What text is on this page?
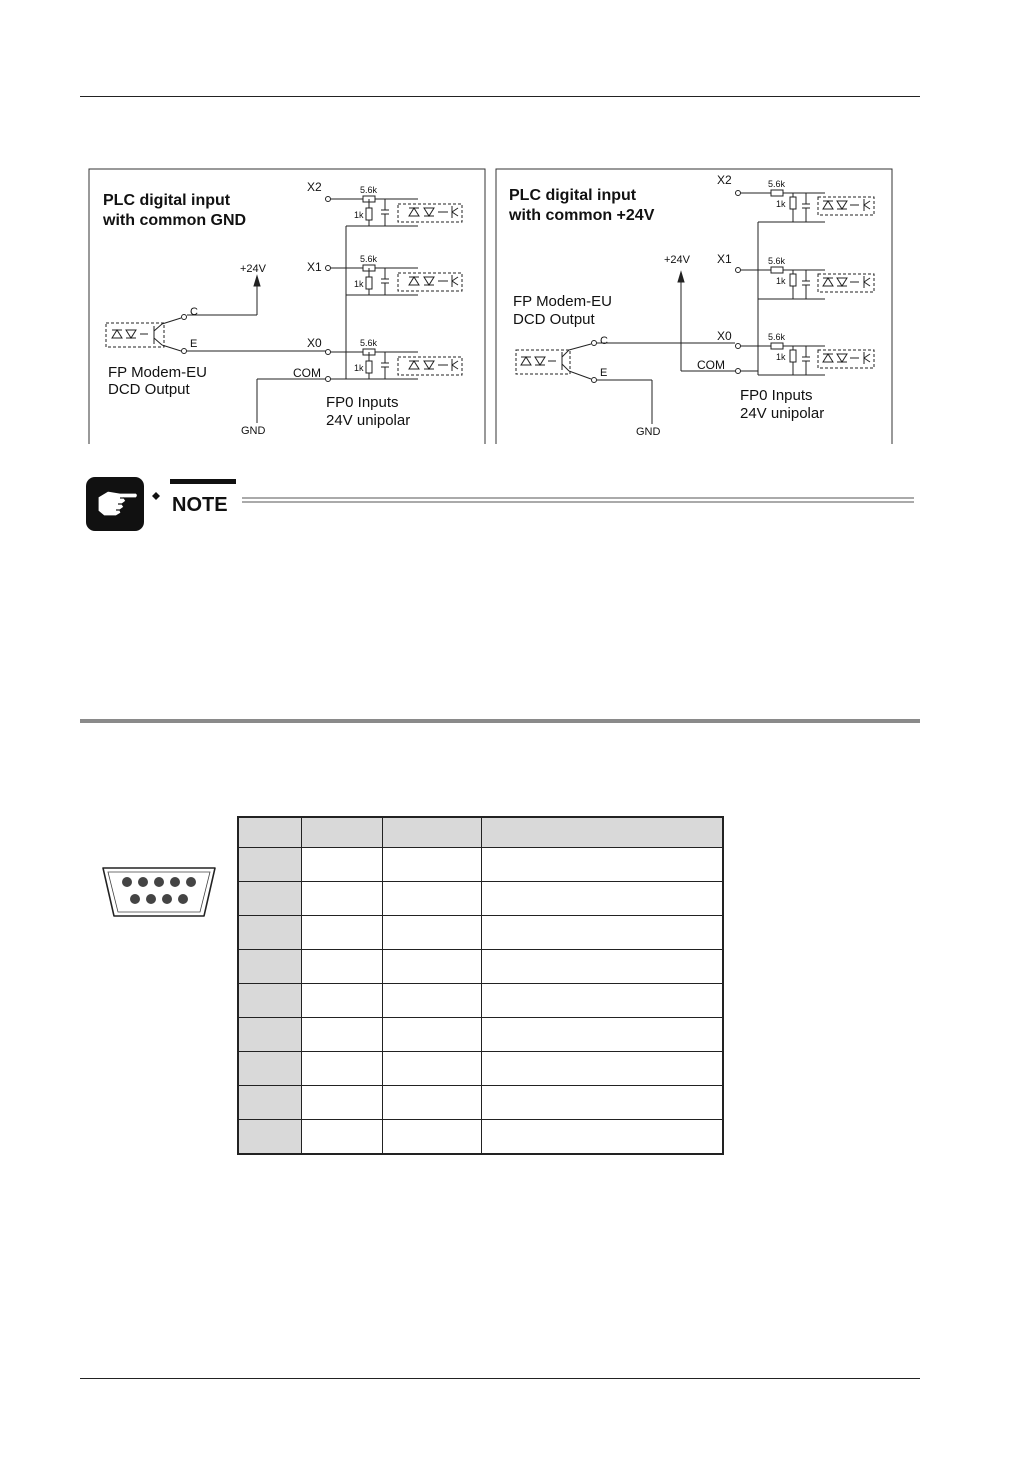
PLC digital input
with common GND
X2	5.6k
1k
X1
5.6k
1k
X0	5.6k
1k
COM
GND
+24V
C
E
FP Modem-EU
DCD Output
FP0 Inputs
24V unipolar
PLC digital input
with common +24V
X2	5.6k
1k
X1	5.6k
1k
X0	5.6k
1k
COM
+24V
C
E
GND
FP Modem-EU
DCD Output
FP0 Inputs
24V unipolar
NOTE
